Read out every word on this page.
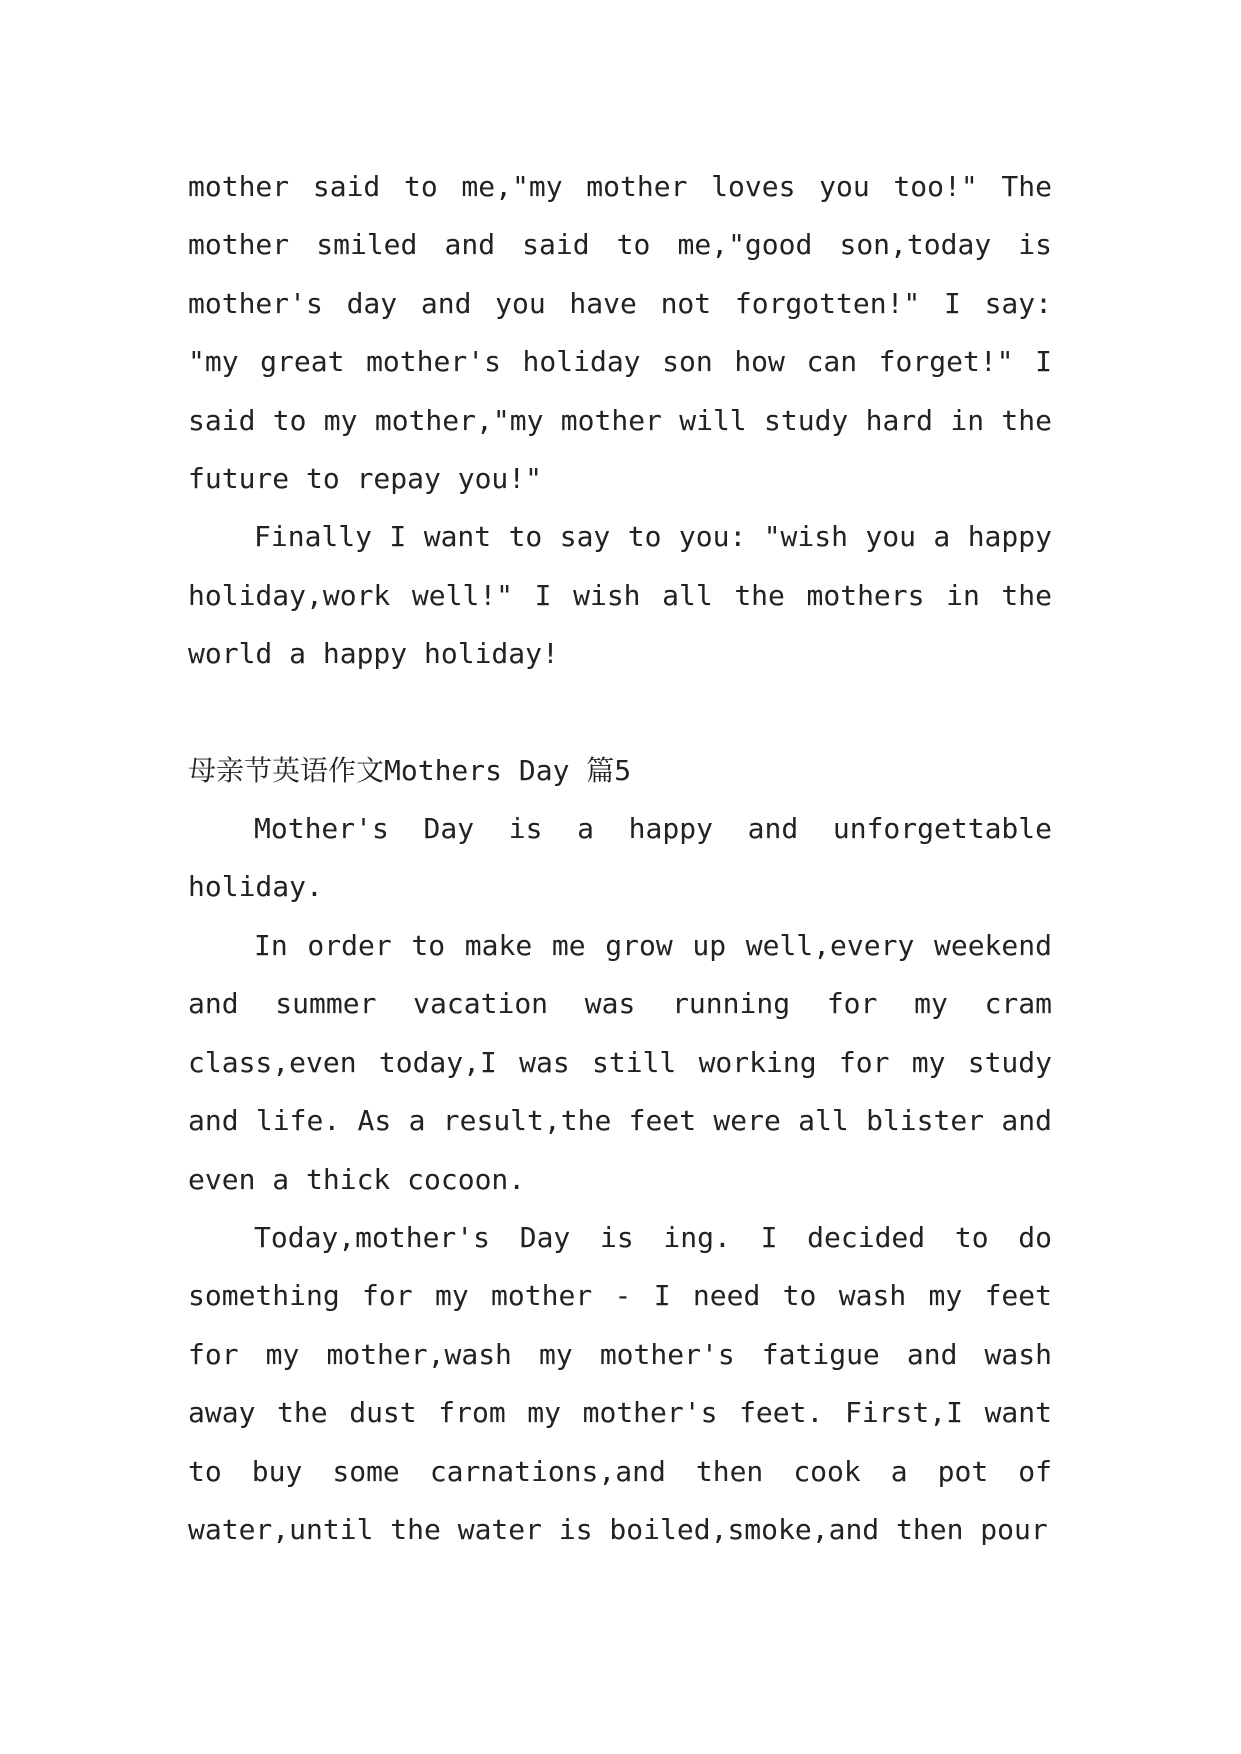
mother said to me,"my mother loves you too!" The mother smiled and said to me,"good son,today is mother's day and you have not forgotten!" I say: "my great mother's holiday son how can forget!" I said to my mother,"my mother will study hard in the future to repay you!"

Finally I want to say to you: "wish you a happy holiday,work well!" I wish all the mothers in the world a happy holiday!

母亲节英语作文Mothers Day 篇5

Mother's Day is a happy and unforgettable holiday.

In order to make me grow up well,every weekend and summer vacation was running for my cram class,even today,I was still working for my study and life. As a result,the feet were all blister and even a thick cocoon.

Today,mother's Day is ing. I decided to do something for my mother - I need to wash my feet for my mother,wash my mother's fatigue and wash away the dust from my mother's feet. First,I want to buy some carnations,and then cook a pot of water,until the water is boiled,smoke,and then pour
